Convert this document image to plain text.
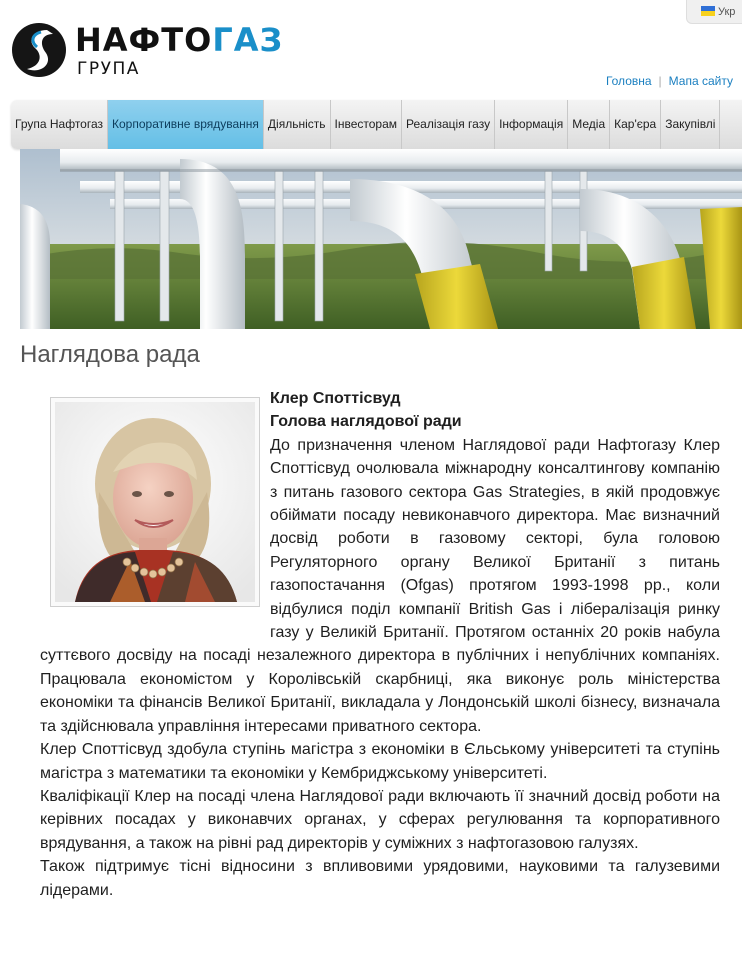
НАФТОГАЗ
ГРУПА
Укр
Головна | Мапа сайту
Група Нафтогаз Корпоративне врядування Діяльність Інвесторам Реалізація газу Інформація Медіа Кар'єра Закупівлі
Наглядова рада

Клер Споттісвуд

Голова наглядової ради

До призначення членом Наглядової ради Нафтогазу Клер Споттісвуд очолювала міжнародну консалтингову компанію з питань газового сектора Gas Strategies, в якій продовжує обіймати посаду невиконавчого директора. Має визначний досвід роботи в газовому секторі, була головою Регуляторного органу Великої Британії з питань газопостачання (Ofgas) протягом 1993-1998 рр., коли відбулися поділ компанії British Gas і лібералізація ринку газу у Великій Британії. Протягом останніх 20 років набула суттєвого досвіду на посаді незалежного директора в публічних і непублічних компаніях. Працювала економістом у Королівській скарбниці, яка виконує роль міністерства економіки та фінансів Великої Британії, викладала у Лондонській школі бізнесу, визначала та здійснювала управління інтересами приватного сектора.

Клер Споттісвуд здобула ступінь магістра з економіки в Єльському університеті та ступінь магістра з математики та економіки у Кембриджському університеті.

Кваліфікації Клер на посаді члена Наглядової ради включають її значний досвід роботи на керівних посадах у виконавчих органах, у сферах регулювання та корпоративного врядування, а також на рівні рад директорів у суміжних з нафтогазовою галузях.

Також підтримує тісні відносини з впливовими урядовими, науковими та галузевими лідерами.
